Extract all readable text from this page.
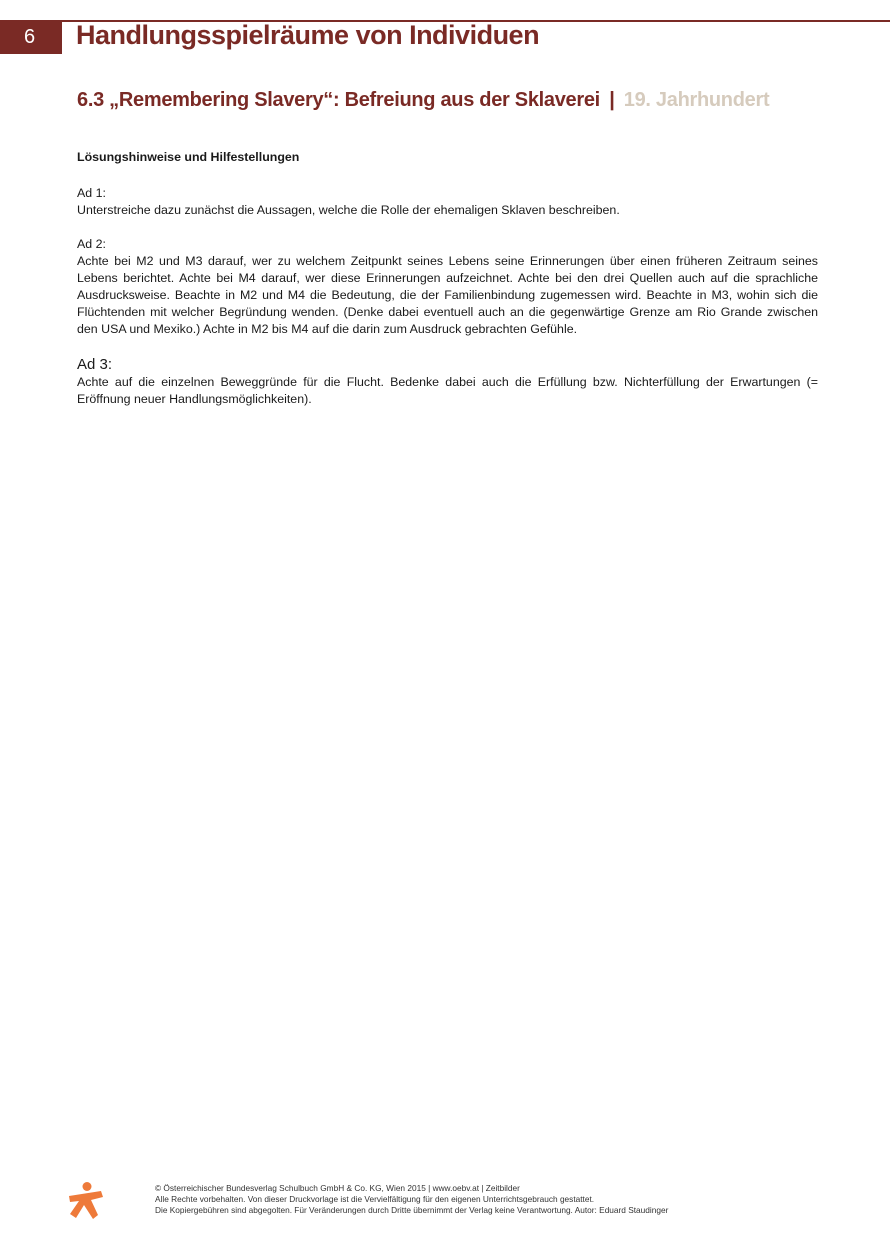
6	Handlungsspielräume von Individuen
6.3 „Remembering Slavery“: Befreiung aus der Sklaverei | 19. Jahrhundert
Lösungshinweise und Hilfestellungen
Ad 1:
Unterstreiche dazu zunächst die Aussagen, welche die Rolle der ehemaligen Sklaven beschreiben.
Ad 2:
Achte bei M2 und M3 darauf, wer zu welchem Zeitpunkt seines Lebens seine Erinnerungen über einen früheren Zeitraum seines Lebens berichtet. Achte bei M4 darauf, wer diese Erinnerungen aufzeichnet. Achte bei den drei Quellen auch auf die sprachliche Ausdrucksweise. Beachte in M2 und M4 die Bedeutung, die der Familienbindung zugemessen wird. Beachte in M3, wohin sich die Flüchtenden mit welcher Begründung wenden. (Denke dabei eventuell auch an die gegenwärtige Grenze am Rio Grande zwischen den USA und Mexiko.) Achte in M2 bis M4 auf die darin zum Ausdruck gebrachten Gefühle.
Ad 3:
Achte auf die einzelnen Beweggründe für die Flucht. Bedenke dabei auch die Erfüllung bzw. Nichterfüllung der Erwartungen (= Eröffnung neuer Handlungsmöglichkeiten).
© Österreichischer Bundesverlag Schulbuch GmbH & Co. KG, Wien 2015 | www.oebv.at | Zeitbilder
Alle Rechte vorbehalten. Von dieser Druckvorlage ist die Vervielfältigung für den eigenen Unterrichtsgebrauch gestattet.
Die Kopiergebühren sind abgegolten. Für Veränderungen durch Dritte übernimmt der Verlag keine Verantwortung. Autor: Eduard Staudinger
